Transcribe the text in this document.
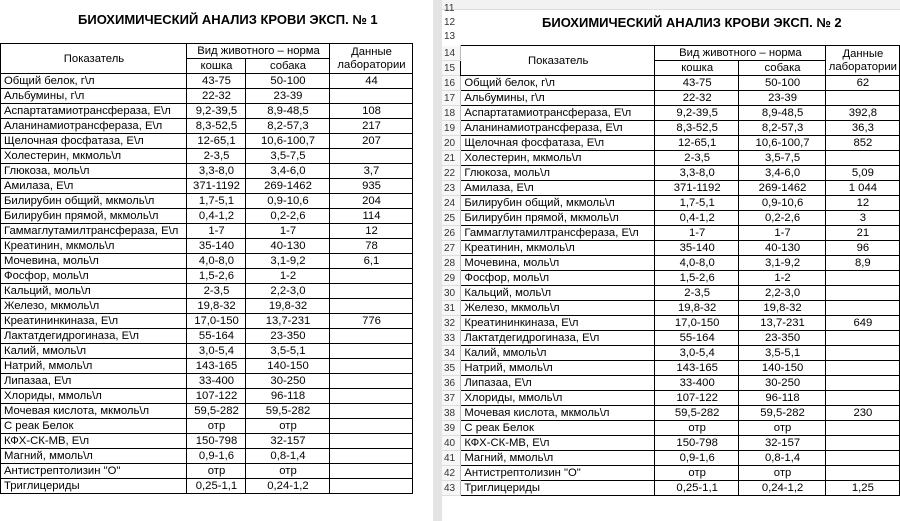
БИОХИМИЧЕСКИЙ АНАЛИЗ КРОВИ ЭКСП. № 1
Показатель	Вид животного – норма		Данные
лаборатории

	кошка	собака	
Общий белок, г\л	43-75	50-100	44
Альбумины, г\л	22-32	23-39	
Аспартатамиотрансфераза, Е\л	9,2-39,5	8,9-48,5	108
Аланинамиотрансфераза, Е\л	8,3-52,5	8,2-57,3	217
Щелочная фосфатаза, Е\л	12-65,1	10,6-100,7	207
Холестерин, мкмоль\л	2-3,5	3,5-7,5	
Глюкоза, моль\л	3,3-8,0	3,4-6,0	3,7
Амилаза, Е\л	371-1192	269-1462	935
Билирубин общий, мкмоль\л	1,7-5,1	0,9-10,6	204
Билирубин прямой, мкмоль\л	0,4-1,2	0,2-2,6	114
Гаммаглутамилтрансфераза, Е\л	1-7	1-7	12
Креатинин, мкмоль\л	35-140	40-130	78
Мочевина, моль\л	4,0-8,0	3,1-9,2	6,1
Фосфор, моль\л	1,5-2,6	1-2	
Кальций, моль\л	2-3,5	2,2-3,0	
Железо, мкмоль\л	19,8-32	19,8-32	
Креатининкиназа, Е\л	17,0-150	13,7-231	776
Лактатдегидрогиназа, Е\л	55-164	23-350	
Калий, ммоль\л	3,0-5,4	3,5-5,1	
Натрий, ммоль\л	143-165	140-150	
Липазаа, Е\л	33-400	30-250	
Хлориды, ммоль\л	107-122	96-118	
Мочевая кислота, мкмоль\л	59,5-282	59,5-282	
С реак Белок	отр	отр	
КФХ-СК-МВ, Е\л	150-798	32-157	
Магний, ммоль\л	0,9-1,6	0,8-1,4	
Антистрептолизин "О"	отр	отр	
Триглицериды	0,25-1,1	0,24-1,2	
11
12
13
БИОХИМИЧЕСКИЙ АНАЛИЗ КРОВИ ЭКСП. № 2
14	Показатель	Вид животного – норма		Данные
лаборатории

15		кошка	собака	
16	Общий белок, г\л	43-75	50-100	62
17	Альбумины, г\л	22-32	23-39	
18	Аспартатамиотрансфераза, Е\л	9,2-39,5	8,9-48,5	392,8
19	Аланинамиотрансфераза, Е\л	8,3-52,5	8,2-57,3	36,3
20	Щелочная фосфатаза, Е\л	12-65,1	10,6-100,7	852
21	Холестерин, мкмоль\л	2-3,5	3,5-7,5	
22	Глюкоза, моль\л	3,3-8,0	3,4-6,0	5,09
23	Амилаза, Е\л	371-1192	269-1462	1 044
24	Билирубин общий, мкмоль\л	1,7-5,1	0,9-10,6	12
25	Билирубин прямой, мкмоль\л	0,4-1,2	0,2-2,6	3
26	Гаммаглутамилтрансфераза, Е\л	1-7	1-7	21
27	Креатинин, мкмоль\л	35-140	40-130	96
28	Мочевина, моль\л	4,0-8,0	3,1-9,2	8,9
29	Фосфор, моль\л	1,5-2,6	1-2	
30	Кальций, моль\л	2-3,5	2,2-3,0	
31	Железо, мкмоль\л	19,8-32	19,8-32	
32	Креатининкиназа, Е\л	17,0-150	13,7-231	649
33	Лактатдегидрогиназа, Е\л	55-164	23-350	
34	Калий, ммоль\л	3,0-5,4	3,5-5,1	
35	Натрий, ммоль\л	143-165	140-150	
36	Липазаа, Е\л	33-400	30-250	
37	Хлориды, ммоль\л	107-122	96-118	
38	Мочевая кислота, мкмоль\л	59,5-282	59,5-282	230
39	С реак Белок	отр	отр	
40	КФХ-СК-МВ, Е\л	150-798	32-157	
41	Магний, ммоль\л	0,9-1,6	0,8-1,4	
42	Антистрептолизин "О"	отр	отр	
43	Триглицериды	0,25-1,1	0,24-1,2	1,25
